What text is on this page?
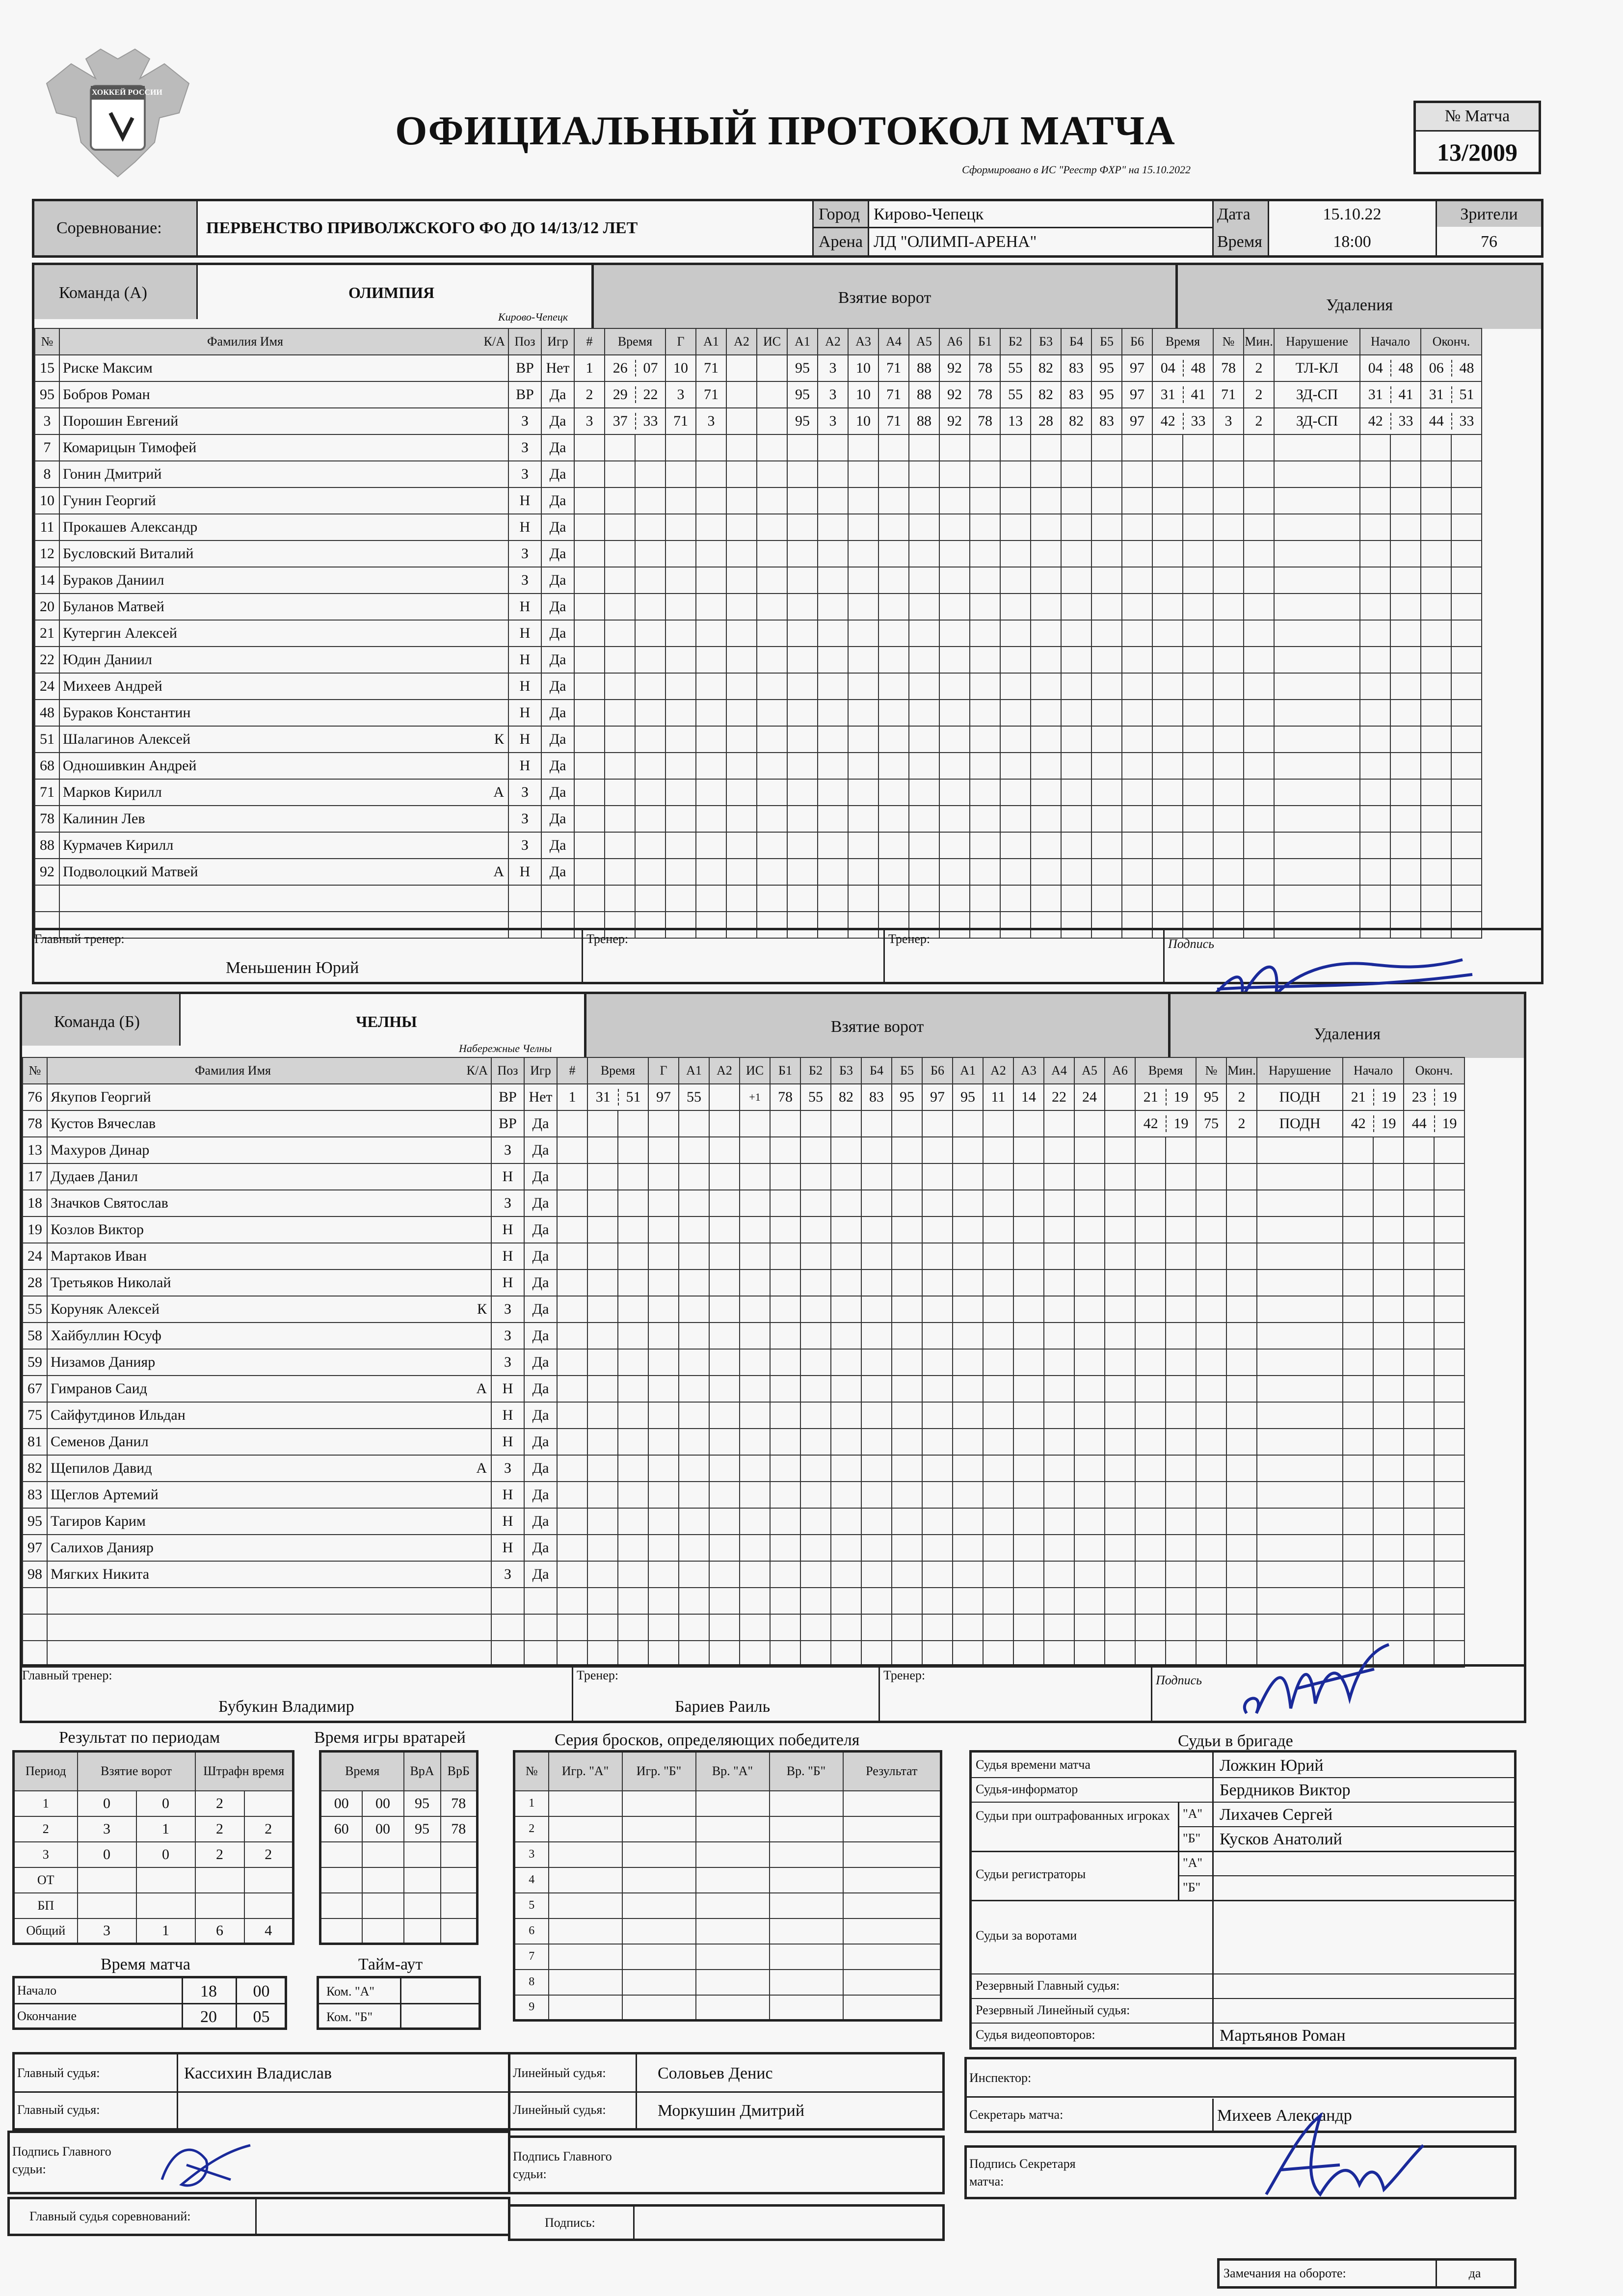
ХОККЕЙ РОССИИ
ОФИЦИАЛЬНЫЙ ПРОТОКОЛ МАТЧА
Сформировано в ИС "Реестр ФХР" на 15.10.2022
№ Матча
13/2009
Соревнование:	ПЕРВЕНСТВО ПРИВОЛЖСКОГО ФО ДО 14/13/12 ЛЕТ
Город Кирово-Чепецк
Арена ЛД "ОЛИМП-АРЕНА"
Дата	15.10.22
Время	18:00
Зрители
76
Команда (А)	ОЛИМПИЯ
Кирово-Чепецк
Взятие ворот	Удаления
№	Фамилия Имя К/А	Поз	Игр	#	Время	Г	А1	А2	ИС	А1	А2	А3	А4	А5	А6	Б1	Б2	Б3	Б4	Б5	Б6	Время	№	Мин.	Нарушение	Начало	Оконч.
15	Риске Максим	ВР	Нет	1	26 07	10	71			95	3	10	71	88	92	78	55	82	83	95	97	04 48	78	2	ТЛ-КЛ	04 48	06 48
95	Бобров Роман	ВР	Да	2	29 22	3	71			95	3	10	71	88	92	78	55	82	83	95	97	31 41	71	2	ЗД-СП	31 41	31 51
3	Порошин Евгений	З	Да	3	37 33	71	3			95	3	10	71	88	92	78	13	28	82	83	97	42 33	3	2	ЗД-СП	42 33	44 33
7	Комарицын Тимофей	З	Да																								
8	Гонин Дмитрий	З	Да																								
10	Гунин Георгий	Н	Да																								
11	Прокашев Александр	Н	Да																								
12	Бусловский Виталий	З	Да																								
14	Бураков Даниил	З	Да																								
20	Буланов Матвей	Н	Да																								
21	Кутергин Алексей	Н	Да																								
22	Юдин Даниил	Н	Да																								
24	Михеев Андрей	Н	Да																								
48	Бураков Константин	Н	Да																								
51	Шалагинов Алексей К	Н	Да																								
68	Одношивкин Андрей	Н	Да																								
71	Марков Кирилл А	З	Да																								
78	Калинин Лев	З	Да																								
88	Курмачев Кирилл	З	Да																								
92	Подволоцкий Матвей А	Н	Да																								

Главный тренер:
Меньшенин Юрий
Тренер:	Тренер:	Подпись
Команда (Б)	ЧЕЛНЫ
Набережные Челны
Взятие ворот	Удаления
№	Фамилия Имя К/А	Поз	Игр	#	Время	Г	А1	А2	ИС	Б1	Б2	Б3	Б4	Б5	Б6	А1	А2	А3	А4	А5	А6	Время	№	Мин.	Нарушение	Начало	Оконч.
76	Якупов Георгий	ВР	Нет	1	31 51	97	55		+1	78	55	82	83	95	97	95	11	14	22	24		21 19	95	2	ПОДН	21 19	23 19
78	Кустов Вячеслав	ВР	Да																			42 19	75	2	ПОДН	42 19	44 19
13	Махуров Динар	З	Да																								
17	Дудаев Данил	Н	Да																								
18	Значков Святослав	З	Да																								
19	Козлов Виктор	Н	Да																								
24	Мартаков Иван	Н	Да																								
28	Третьяков Николай	Н	Да																								
55	Коруняк Алексей К	З	Да																								
58	Хайбуллин Юсуф	З	Да																								
59	Низамов Данияр	З	Да																								
67	Гимранов Саид А	Н	Да																								
75	Сайфутдинов Ильдан	Н	Да																								
81	Семенов Данил	Н	Да																								
82	Щепилов Давид А	З	Да																								
83	Щеглов Артемий	Н	Да																								
95	Тагиров Карим	Н	Да																								
97	Салихов Данияр	Н	Да																								
98	Мягких Никита	З	Да																								

Главный тренер:
Бубукин Владимир
Тренер:
Бариев Раиль
Тренер:	Подпись
Результат по периодам
Период	Взятие ворот		Штрафн время	
1	0	0	2	
2	3	1	2	2
3	0	0	2	2
ОТ				
БП				
Общий	3	1	6	4
Время игры вратарей
Время		ВрА	ВрБ
00	00	95	78
60	00	95	78

Серия бросков, определяющих победителя
№	Игр. "А"	Игр. "Б"	Вр. "А"	Вр. "Б"	Результат
1					
2					
3					
4					
5					
6					
7					
8					
9					
Время матча
Начало	18	00
Окончание	20	05
Тайм-аут
Ком. "А"
Ком. "Б"
Судьи в бригаде
Судья времени матча	Ложкин Юрий
Судья-информатор	Бердников Виктор
Судьи при оштрафованных игроках "А" Лихачев Сергей
"Б" Кусков Анатолий
Судьи регистраторы
"А"
"Б"
Судьи за воротами
Резервный Главный судья:
Резервный Линейный судья:
Судья видеоповторов:	Мартьянов Роман
Главный судья:	Кассихин Владислав
Главный судья:
Линейный судья:	Соловьев Денис
Линейный судья:	Моркушин Дмитрий
Инспектор:
Секретарь матча:	Михеев Александр
Подпись Главного судьи:
Подпись Главного судьи:
Подпись Секретаря матча:
Главный судья соревнований:	Подпись:
Замечания на обороте:	да
